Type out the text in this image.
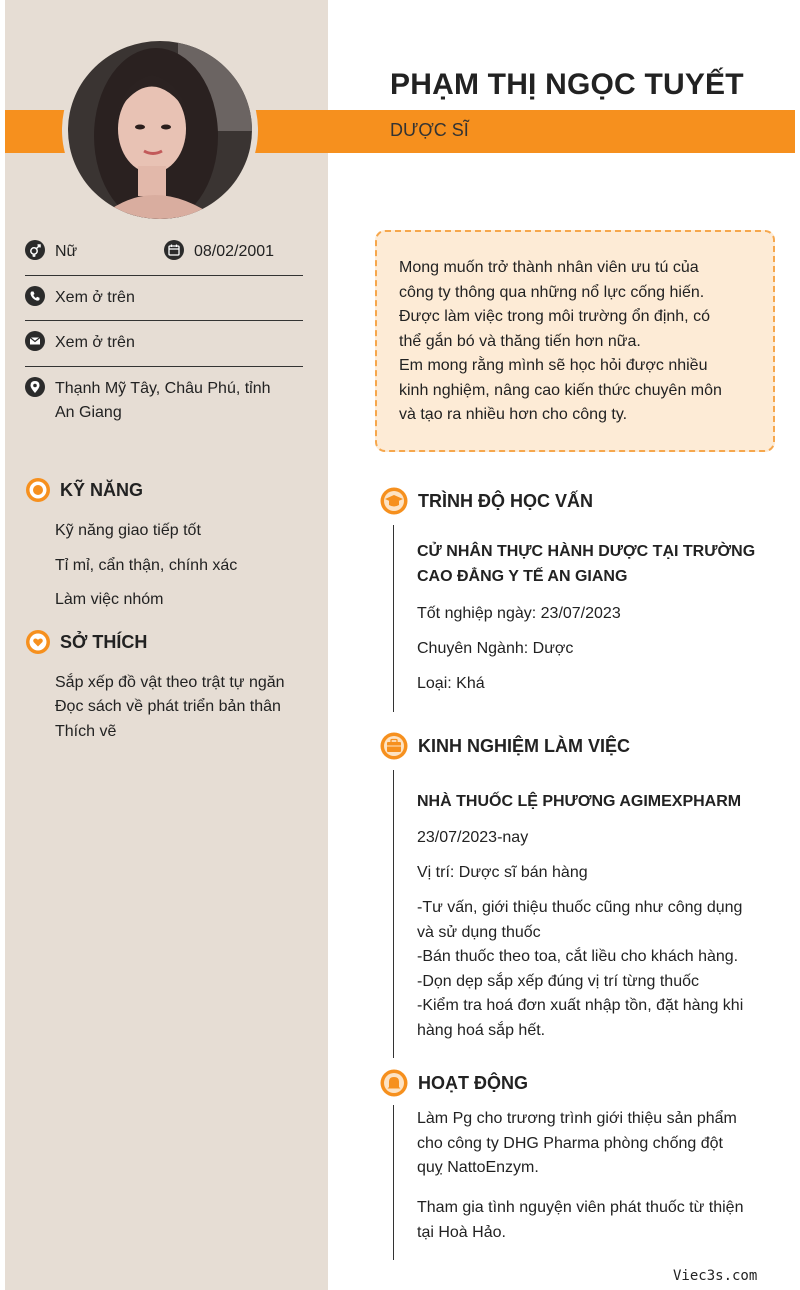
PHẠM THỊ NGỌC TUYẾT
DƯỢC SĨ
Nữ	08/02/2001
Xem ở trên
Xem ở trên
Thạnh Mỹ Tây, Châu Phú, tỉnh
An Giang
KỸ NĂNG
Kỹ năng giao tiếp tốt
Tỉ mỉ, cẩn thận, chính xác
Làm việc nhóm
SỞ THÍCH
Sắp xếp đồ vật theo trật tự ngăn
Đọc sách về phát triển bản thân
Thích vẽ
Mong muốn trở thành nhân viên ưu tú của
công ty thông qua những nổ lực cống hiến.
Được làm việc trong môi trường ổn định, có
thể gắn bó và thăng tiến hơn nữa.
Em mong rằng mình sẽ học hỏi được nhiều
kinh nghiệm, nâng cao kiến thức chuyên môn
và tạo ra nhiều hơn cho công ty.
TRÌNH ĐỘ HỌC VẤN
CỬ NHÂN THỰC HÀNH DƯỢC TẠI TRƯỜNG
CAO ĐẲNG Y TẾ AN GIANG
Tốt nghiệp ngày: 23/07/2023
Chuyên Ngành: Dược
Loại: Khá
KINH NGHIỆM LÀM VIỆC
NHÀ THUỐC LỆ PHƯƠNG AGIMEXPHARM
23/07/2023-nay
Vị trí: Dược sĩ bán hàng
-Tư vấn, giới thiệu thuốc cũng như công dụng
và sử dụng thuốc
-Bán thuốc theo toa, cắt liều cho khách hàng.
-Dọn dẹp sắp xếp đúng vị trí từng thuốc
-Kiểm tra hoá đơn xuất nhập tồn, đặt hàng khi
hàng hoá sắp hết.
HOẠT ĐỘNG
Làm Pg cho trương trình giới thiệu sản phẩm
cho công ty DHG Pharma phòng chống đột
quỵ NattoEnzym.
Tham gia tình nguyện viên phát thuốc từ thiện
tại Hoà Hảo.
Viec3s.com
